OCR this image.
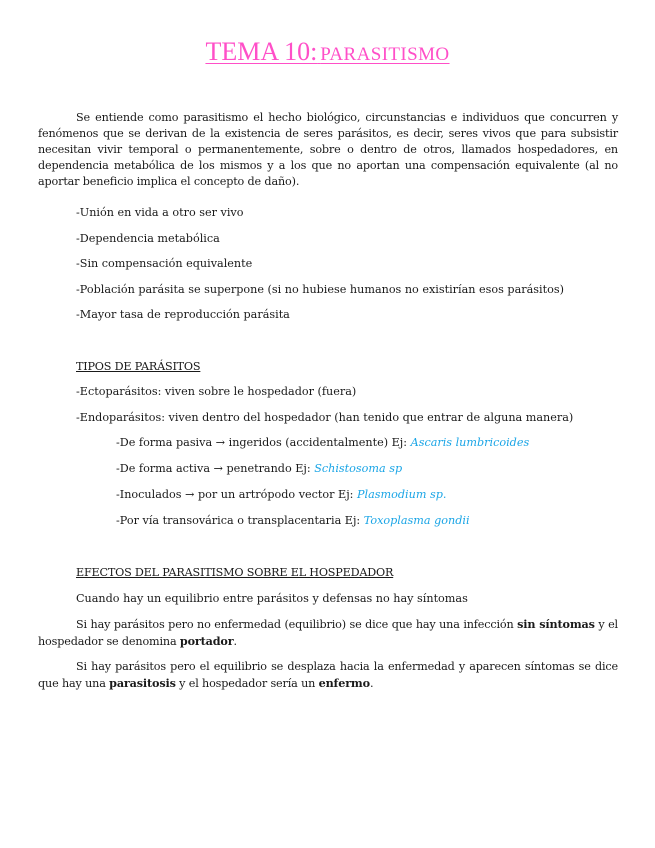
TEMA 10: PARASITISMO

Se entiende como parasitismo el hecho biológico, circunstancias e individuos que concurren y fenómenos que se derivan de la existencia de seres parásitos, es decir, seres vivos que para subsistir necesitan vivir temporal o permanentemente, sobre o dentro de otros, llamados hospedadores, en dependencia metabólica de los mismos y a los que no aportan una compensación equivalente (al no aportar beneficio implica el concepto de daño).

-Unión en vida a otro ser vivo
-Dependencia metabólica
-Sin compensación equivalente
-Población parásita se superpone (si no hubiese humanos no existirían esos parásitos)
-Mayor tasa de reproducción parásita
TIPOS DE PARÁSITOS
-Ectoparásitos: viven sobre le hospedador (fuera)
-Endoparásitos: viven dentro del hospedador (han tenido que entrar de alguna manera)
-De forma pasiva → ingeridos (accidentalmente) Ej: Ascaris lumbricoides
-De forma activa → penetrando Ej: Schistosoma sp
-Inoculados → por un artrópodo vector Ej: Plasmodium sp.
-Por vía transovárica o transplacentaria Ej: Toxoplasma gondii
EFECTOS DEL PARASITISMO SOBRE EL HOSPEDADOR
Cuando hay un equilibrio entre parásitos y defensas no hay síntomas

Si hay parásitos pero no enfermedad (equilibrio) se dice que hay una infección sin síntomas y el hospedador se denomina portador.

Si hay parásitos pero el equilibrio se desplaza hacia la enfermedad y aparecen síntomas se dice que hay una parasitosis y el hospedador sería un enfermo.
